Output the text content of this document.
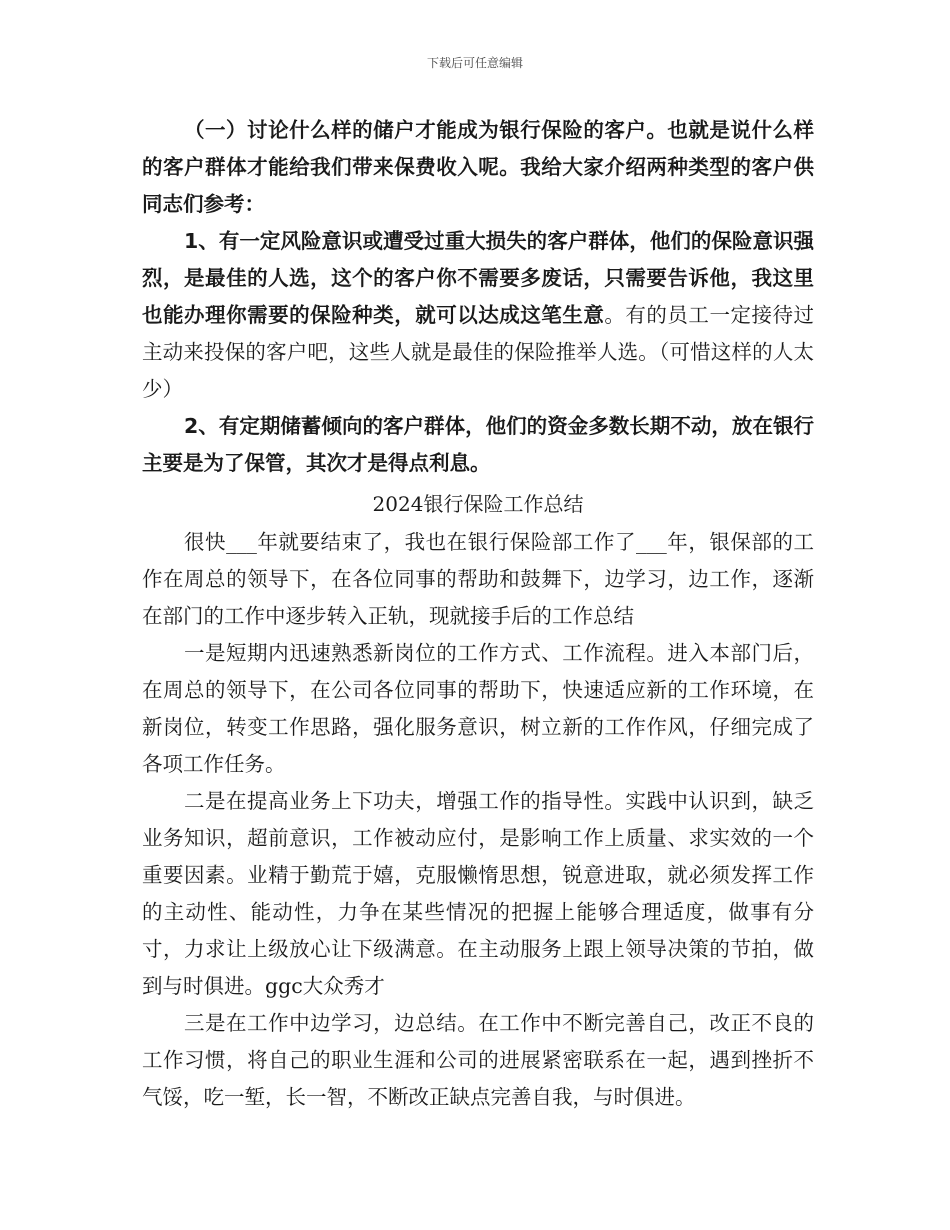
下载后可任意编辑

（一）讨论什么样的储户才能成为银行保险的客户。也就是说什么样的客户群体才能给我们带来保费收入呢。我给大家介绍两种类型的客户供同志们参考：

1、有一定风险意识或遭受过重大损失的客户群体，他们的保险意识强烈，是最佳的人选，这个的客户你不需要多废话，只需要告诉他，我这里也能办理你需要的保险种类，就可以达成这笔生意。有的员工一定接待过主动来投保的客户吧，这些人就是最佳的保险推举人选。（可惜这样的人太少）

2、有定期储蓄倾向的客户群体，他们的资金多数长期不动，放在银行主要是为了保管，其次才是得点利息。

2024银行保险工作总结

很快___年就要结束了，我也在银行保险部工作了___年，银保部的工作在周总的领导下，在各位同事的帮助和鼓舞下，边学习，边工作，逐渐在部门的工作中逐步转入正轨，现就接手后的工作总结

一是短期内迅速熟悉新岗位的工作方式、工作流程。进入本部门后，在周总的领导下，在公司各位同事的帮助下，快速适应新的工作环境，在新岗位，转变工作思路，强化服务意识，树立新的工作作风，仔细完成了各项工作任务。

二是在提高业务上下功夫，增强工作的指导性。实践中认识到，缺乏业务知识，超前意识，工作被动应付，是影响工作上质量、求实效的一个重要因素。业精于勤荒于嬉，克服懒惰思想，锐意进取，就必须发挥工作的主动性、能动性，力争在某些情况的把握上能够合理适度，做事有分寸，力求让上级放心让下级满意。在主动服务上跟上领导决策的节拍，做到与时俱进。ggc大众秀才

三是在工作中边学习，边总结。在工作中不断完善自己，改正不良的工作习惯，将自己的职业生涯和公司的进展紧密联系在一起，遇到挫折不气馁，吃一堑，长一智，不断改正缺点完善自我，与时俱进。
